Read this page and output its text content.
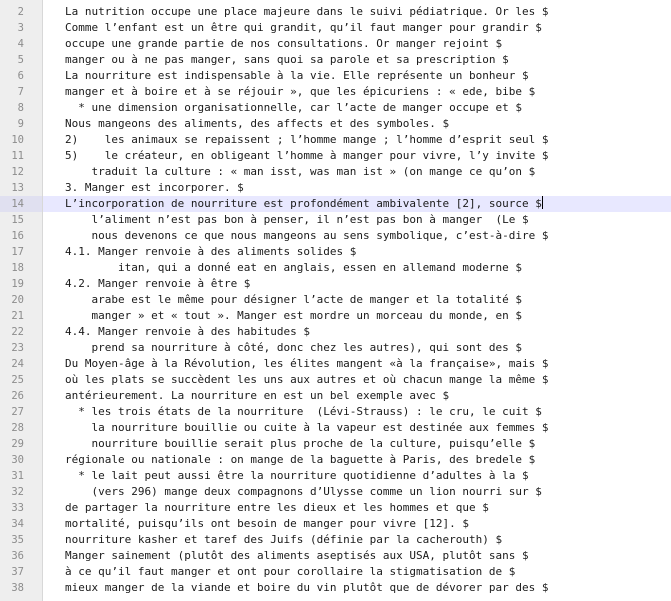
2
3
4
5
6
7
8
9
10
11
12
13
14
15
16
17
18
19
20
21
22
23
24
25
26
27
28
29
30
31
32
33
34
35
36
37
38
La nutrition occupe une place majeure dans le suivi pédiatrique. Or les $
Comme l’enfant est un être qui grandit, qu’il faut manger pour grandir $
occupe une grande partie de nos consultations. Or manger rejoint $
manger ou à ne pas manger, sans quoi sa parole et sa prescription $
La nourriture est indispensable à la vie. Elle représente un bonheur $
manger et à boire et à se réjouir », que les épicuriens : « ede, bibe $
* une dimension organisationnelle, car l’acte de manger occupe et $
Nous mangeons des aliments, des affects et des symboles. $
2)    les animaux se repaissent ; l’homme mange ; l’homme d’esprit seul $
5)    le créateur, en obligeant l’homme à manger pour vivre, l’y invite $
traduit la culture : « man isst, was man ist » (on mange ce qu’on $
3. Manger est incorporer. $
L’incorporation de nourriture est profondément ambivalente [2], source $
l’aliment n’est pas bon à penser, il n’est pas bon à manger  (Le $
nous devenons ce que nous mangeons au sens symbolique, c’est-à-dire $
4.1. Manger renvoie à des aliments solides $
itan, qui a donné eat en anglais, essen en allemand moderne $
4.2. Manger renvoie à être $
arabe est le même pour désigner l’acte de manger et la totalité $
manger » et « tout ». Manger est mordre un morceau du monde, en $
4.4. Manger renvoie à des habitudes $
prend sa nourriture à côté, donc chez les autres), qui sont des $
Du Moyen-âge à la Révolution, les élites mangent «à la française», mais $
où les plats se succèdent les uns aux autres et où chacun mange la même $
antérieurement. La nourriture en est un bel exemple avec $
* les trois états de la nourriture  (Lévi-Strauss) : le cru, le cuit $
la nourriture bouillie ou cuite à la vapeur est destinée aux femmes $
nourriture bouillie serait plus proche de la culture, puisqu’elle $
régionale ou nationale : on mange de la baguette à Paris, des bredele $
* le lait peut aussi être la nourriture quotidienne d’adultes à la $
(vers 296) mange deux compagnons d’Ulysse comme un lion nourri sur $
de partager la nourriture entre les dieux et les hommes et que $
mortalité, puisqu’ils ont besoin de manger pour vivre [12]. $
nourriture kasher et taref des Juifs (définie par la cacherouth) $
Manger sainement (plutôt des aliments aseptisés aux USA, plutôt sans $
à ce qu’il faut manger et ont pour corollaire la stigmatisation de $
mieux manger de la viande et boire du vin plutôt que de dévorer par des $
